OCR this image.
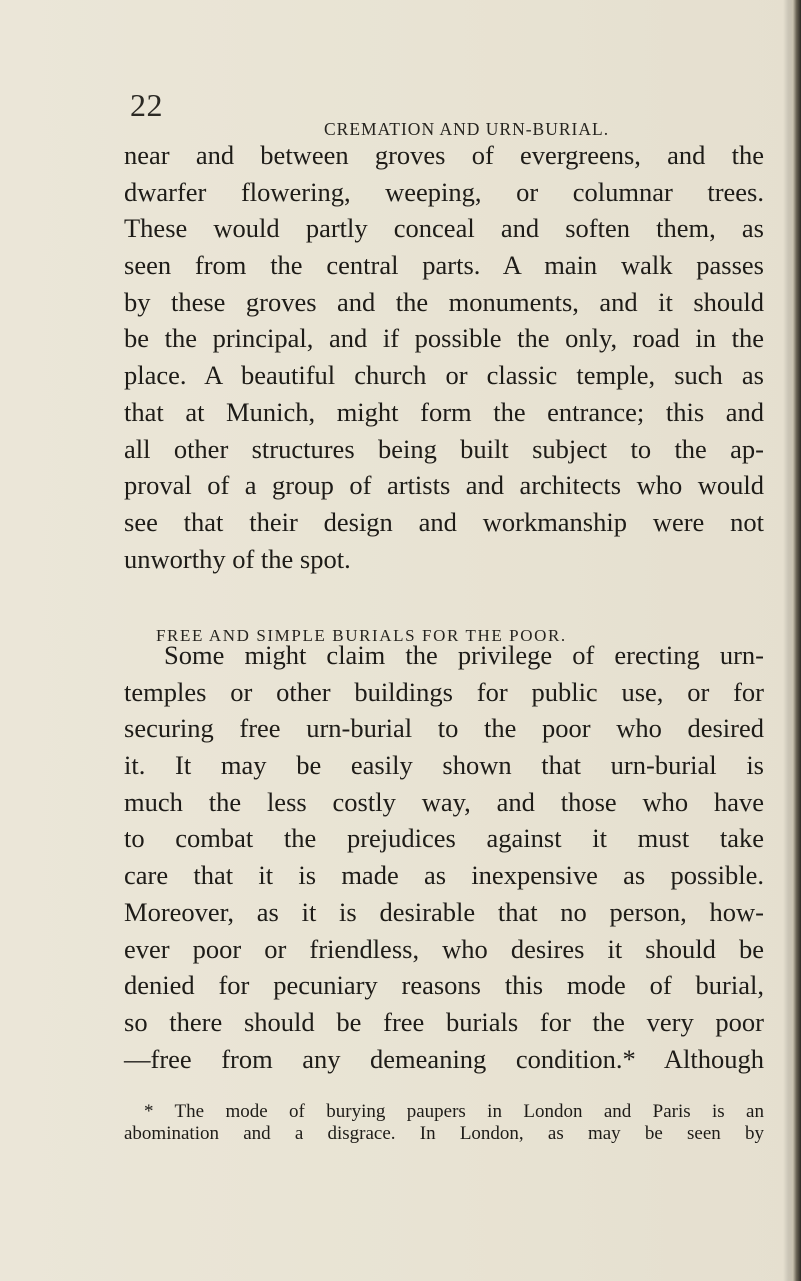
22
CREMATION AND URN-BURIAL.
near and between groves of evergreens, and the
dwarfer flowering, weeping, or columnar trees.
These would partly conceal and soften them, as
seen from the central parts. A main walk passes
by these groves and the monuments, and it should
be the principal, and if possible the only, road in the
place. A beautiful church or classic temple, such as
that at Munich, might form the entrance; this and
all other structures being built subject to the ap-
proval of a group of artists and architects who would
see that their design and workmanship were not
unworthy of the spot.
FREE AND SIMPLE BURIALS FOR THE POOR.
Some might claim the privilege of erecting urn-
temples or other buildings for public use, or for
securing free urn-burial to the poor who desired
it. It may be easily shown that urn-burial is
much the less costly way, and those who have
to combat the prejudices against it must take
care that it is made as inexpensive as possible.
Moreover, as it is desirable that no person, how-
ever poor or friendless, who desires it should be
denied for pecuniary reasons this mode of burial,
so there should be free burials for the very poor
—free from any demeaning condition.* Although
* The mode of burying paupers in London and Paris is an
abomination and a disgrace. In London, as may be seen by
